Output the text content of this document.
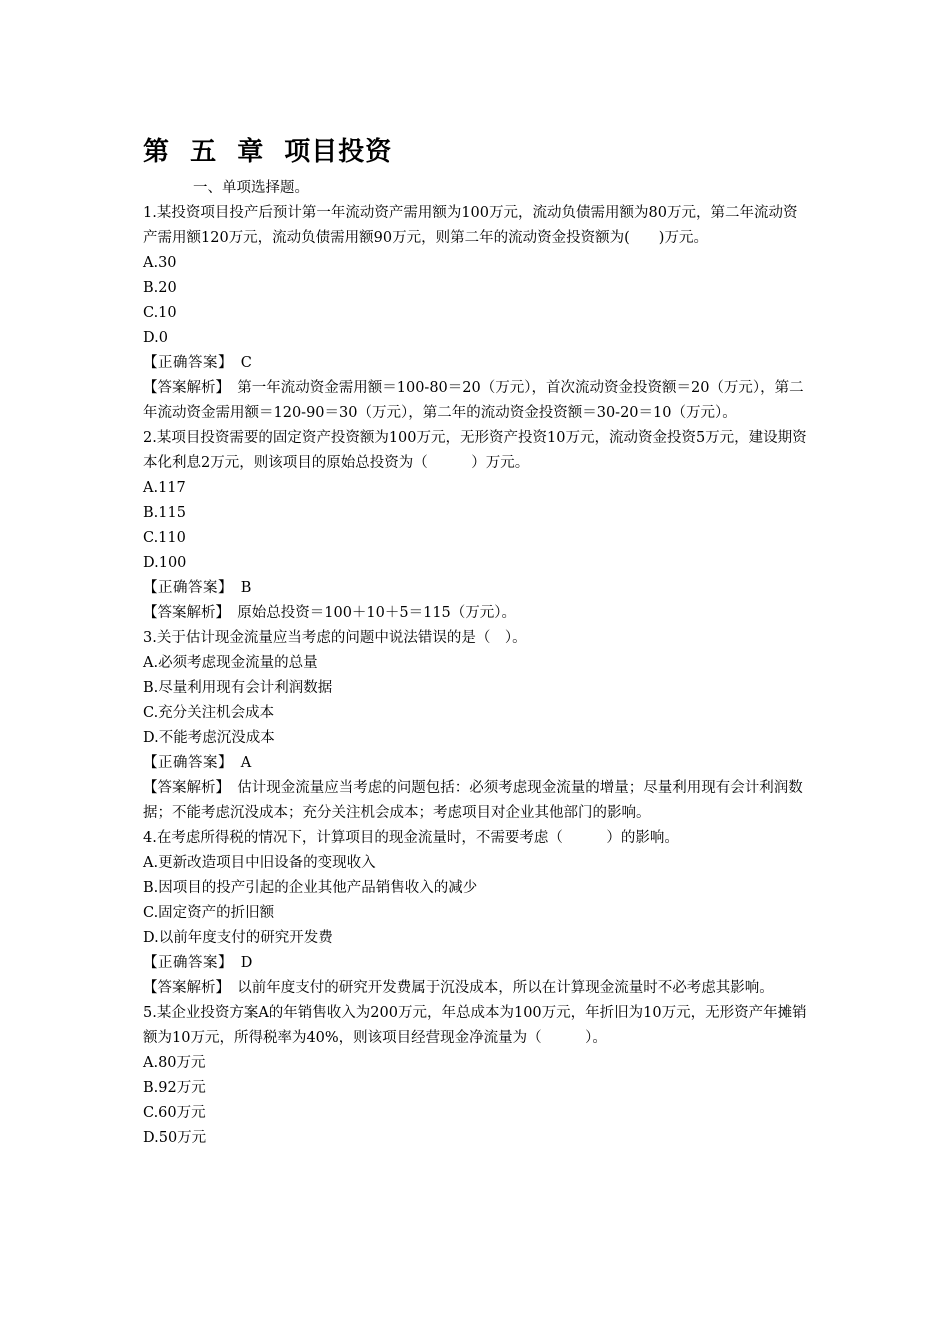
第  五  章  项目投资
一、单项选择题。
1.某投资项目投产后预计第一年流动资产需用额为100万元，流动负债需用额为80万元，第二年流动资产需用额120万元，流动负债需用额90万元，则第二年的流动资金投资额为(　　)万元。
A.30
B.20
C.10
D.0
【正确答案】　C
【答案解析】　第一年流动资金需用额＝100-80＝20（万元），首次流动资金投资额＝20（万元），第二年流动资金需用额＝120-90＝30（万元），第二年的流动资金投资额＝30-20＝10（万元）。
2.某项目投资需要的固定资产投资额为100万元，无形资产投资10万元，流动资金投资5万元，建设期资本化利息2万元，则该项目的原始总投资为（　　　）万元。
A.117
B.115
C.110
D.100
【正确答案】　B
【答案解析】　原始总投资＝100＋10＋5＝115（万元）。
3.关于估计现金流量应当考虑的问题中说法错误的是（　）。
A.必须考虑现金流量的总量
B.尽量利用现有会计利润数据
C.充分关注机会成本
D.不能考虑沉没成本
【正确答案】　A
【答案解析】　估计现金流量应当考虑的问题包括：必须考虑现金流量的增量；尽量利用现有会计利润数据；不能考虑沉没成本；充分关注机会成本；考虑项目对企业其他部门的影响。
4.在考虑所得税的情况下，计算项目的现金流量时，不需要考虑（　　　）的影响。
A.更新改造项目中旧设备的变现收入
B.因项目的投产引起的企业其他产品销售收入的减少
C.固定资产的折旧额
D.以前年度支付的研究开发费
【正确答案】　D
【答案解析】　以前年度支付的研究开发费属于沉没成本，所以在计算现金流量时不必考虑其影响。
5.某企业投资方案A的年销售收入为200万元，年总成本为100万元，年折旧为10万元，无形资产年摊销额为10万元，所得税率为40%，则该项目经营现金净流量为（　　　）。
A.80万元
B.92万元
C.60万元
D.50万元
